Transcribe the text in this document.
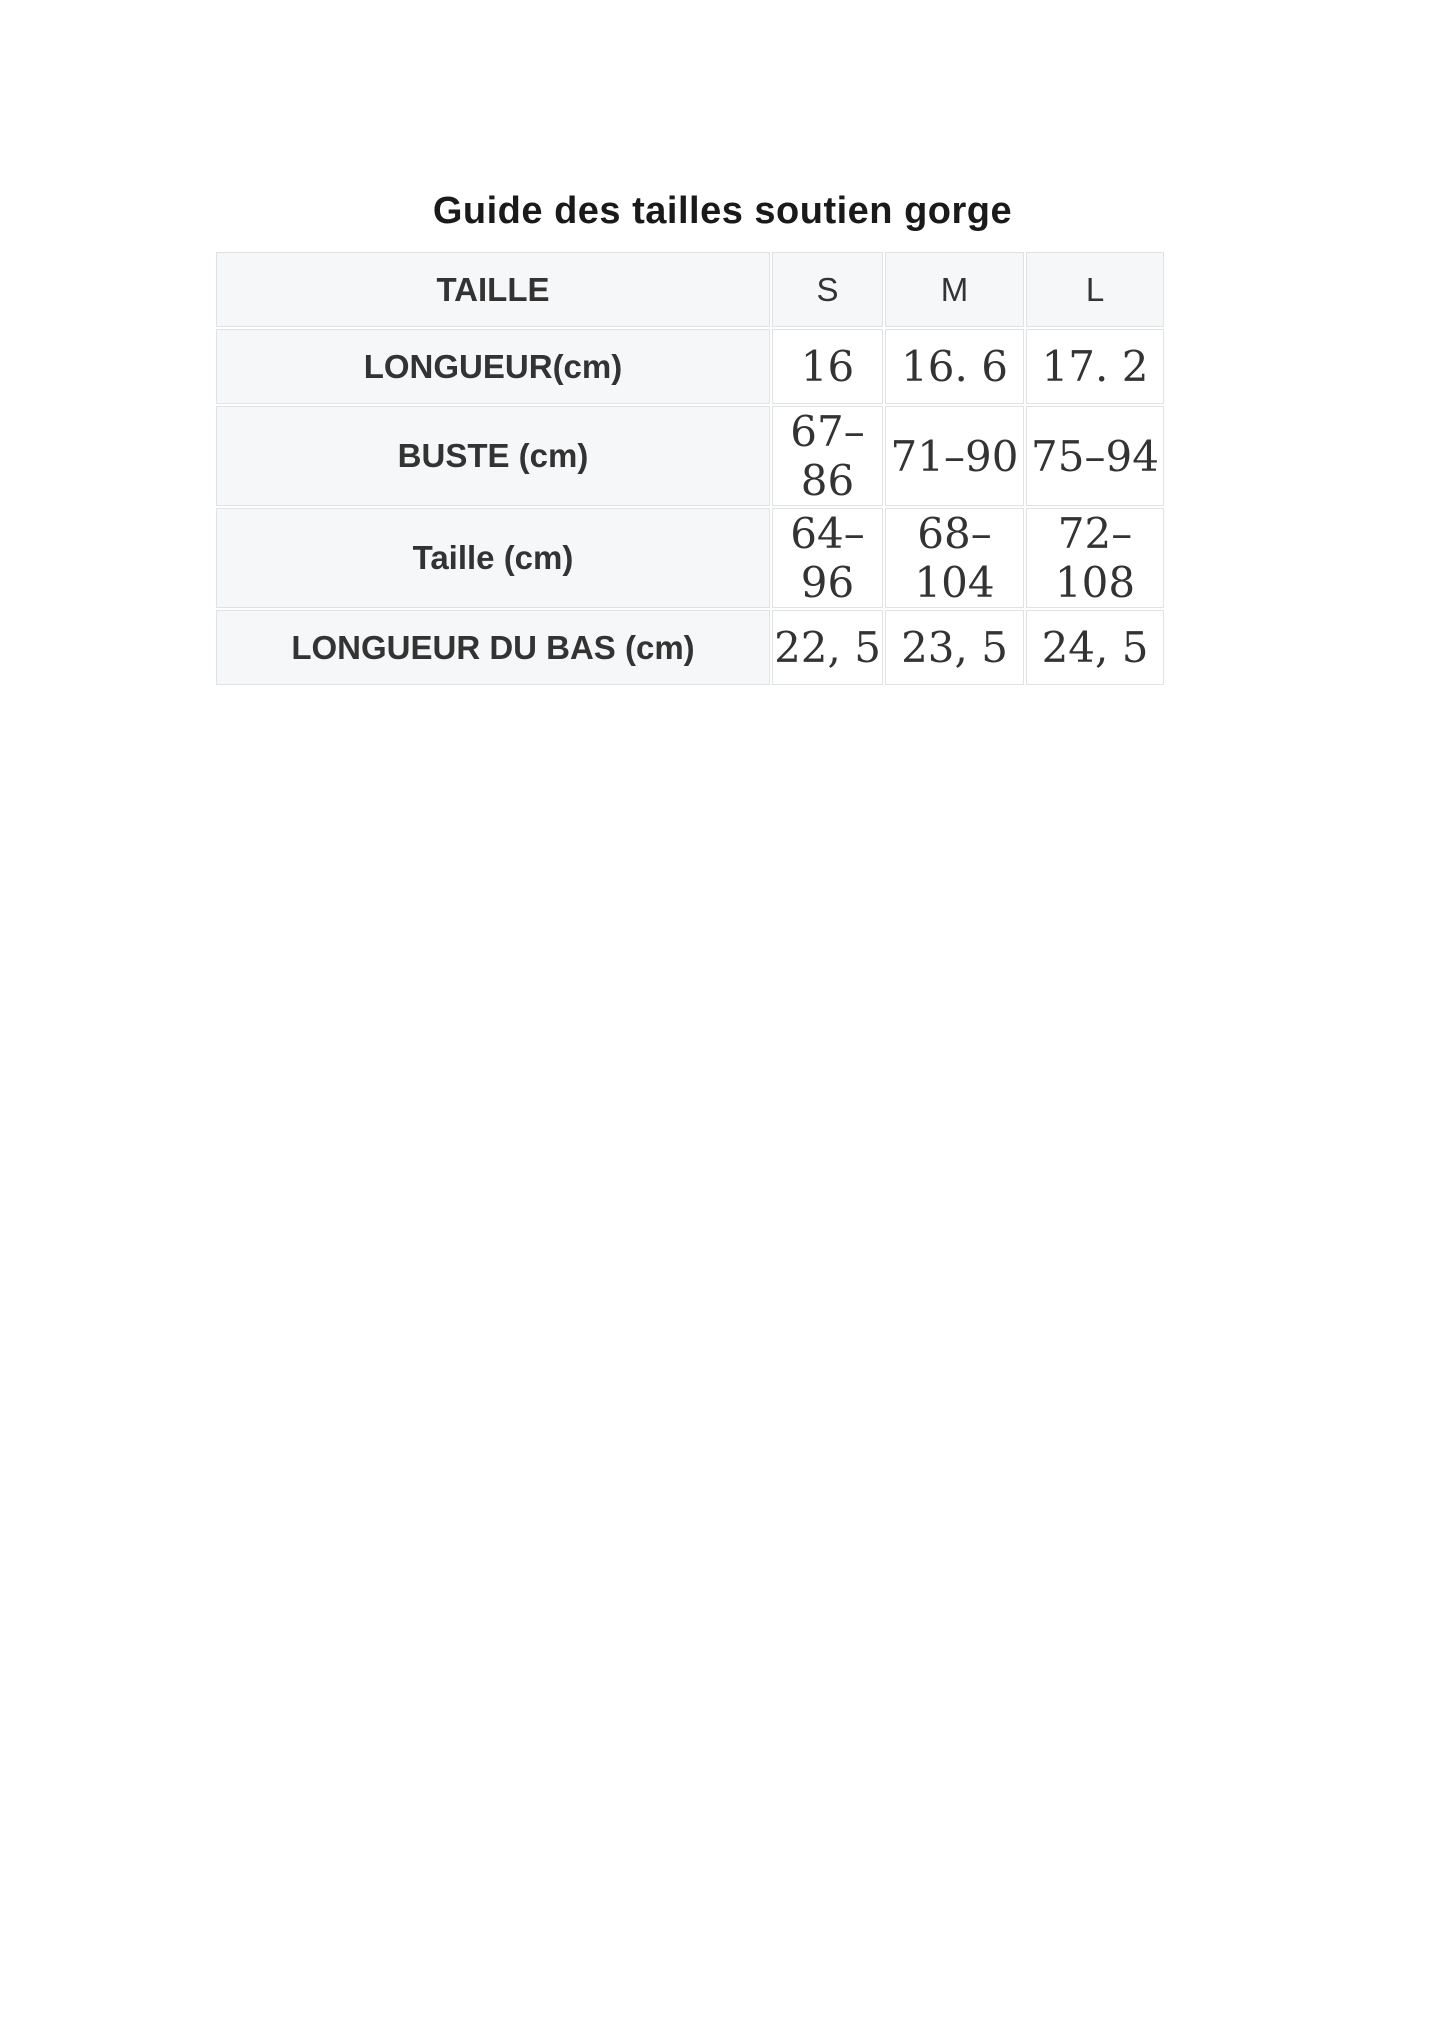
Guide des tailles soutien gorge
TAILLE	S	M	L
LONGUEUR(cm)	16	16. 6	17. 2
BUSTE (cm)	67–86	71–90	75–94
Taille (cm)	64–96	68–104	72–108
LONGUEUR DU BAS (cm)	22, 5	23, 5	24, 5
